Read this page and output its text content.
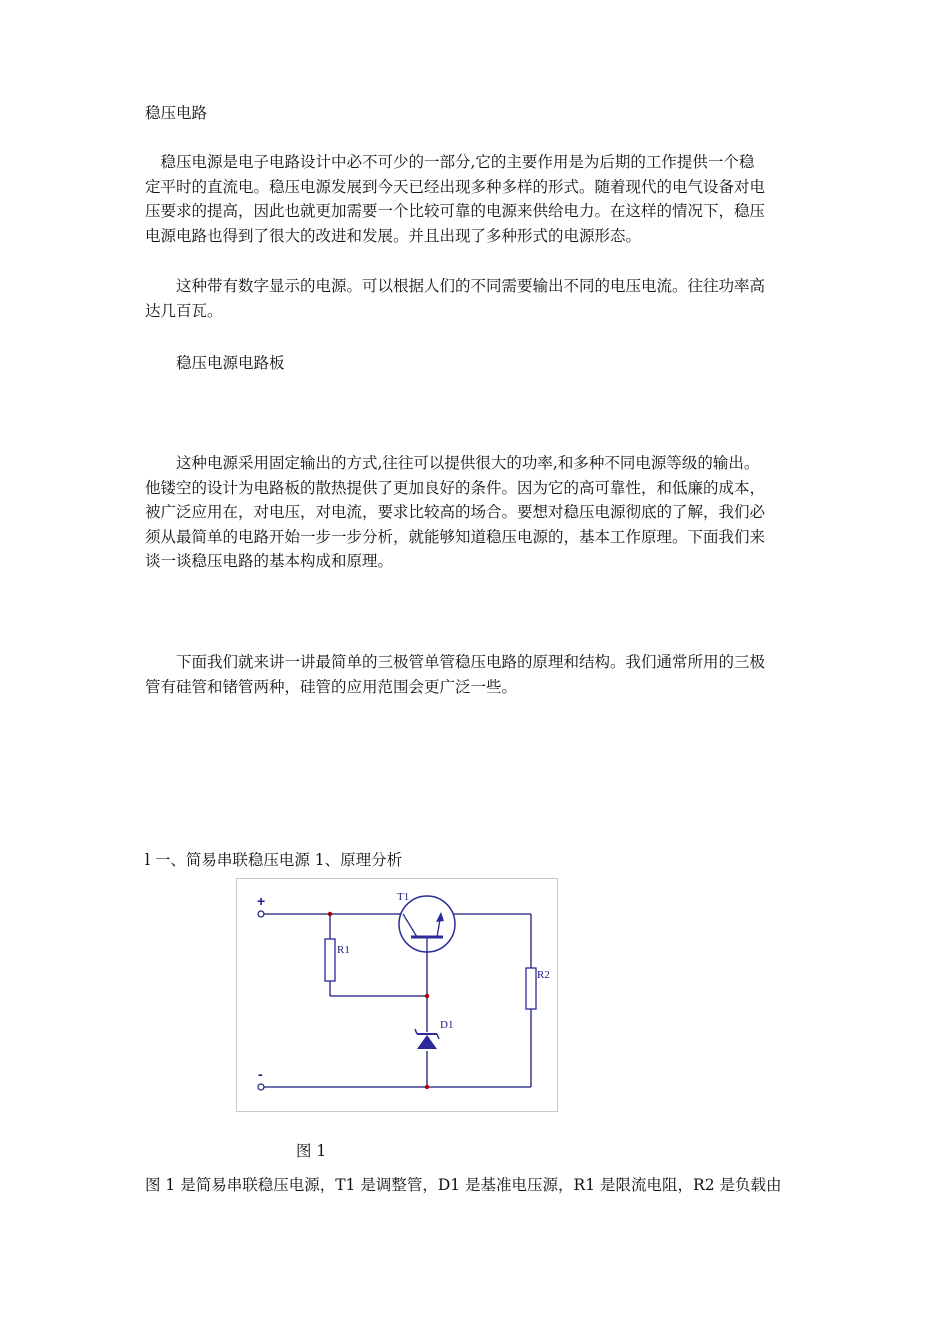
稳压电路
　稳压电源是电子电路设计中必不可少的一部分,它的主要作用是为后期的工作提供一个稳
定平时的直流电。稳压电源发展到今天已经出现多种多样的形式。随着现代的电气设备对电
压要求的提高，因此也就更加需要一个比较可靠的电源来供给电力。在这样的情况下，稳压
电源电路也得到了很大的改进和发展。并且出现了多种形式的电源形态。
　　这种带有数字显示的电源。可以根据人们的不同需要输出不同的电压电流。往往功率高
达几百瓦。

　　稳压电源电路板

　　这种电源采用固定输出的方式,往往可以提供很大的功率,和多种不同电源等级的输出。
他镂空的设计为电路板的散热提供了更加良好的条件。因为它的高可靠性，和低廉的成本，
被广泛应用在，对电压，对电流，要求比较高的场合。要想对稳压电源彻底的了解，我们必
须从最简单的电路开始一步一步分析，就能够知道稳压电源的，基本工作原理。下面我们来
谈一谈稳压电路的基本构成和原理。
　　下面我们就来讲一讲最简单的三极管单管稳压电路的原理和结构。我们通常所用的三极
管有硅管和锗管两种，硅管的应用范围会更广泛一些。

l 一、简易串联稳压电源 1、原理分析

+
-
R1
R2
T1
D1

图 1

图 1 是简易串联稳压电源，T1 是调整管，D1 是基准电压源，R1 是限流电阻，R2 是负载由
